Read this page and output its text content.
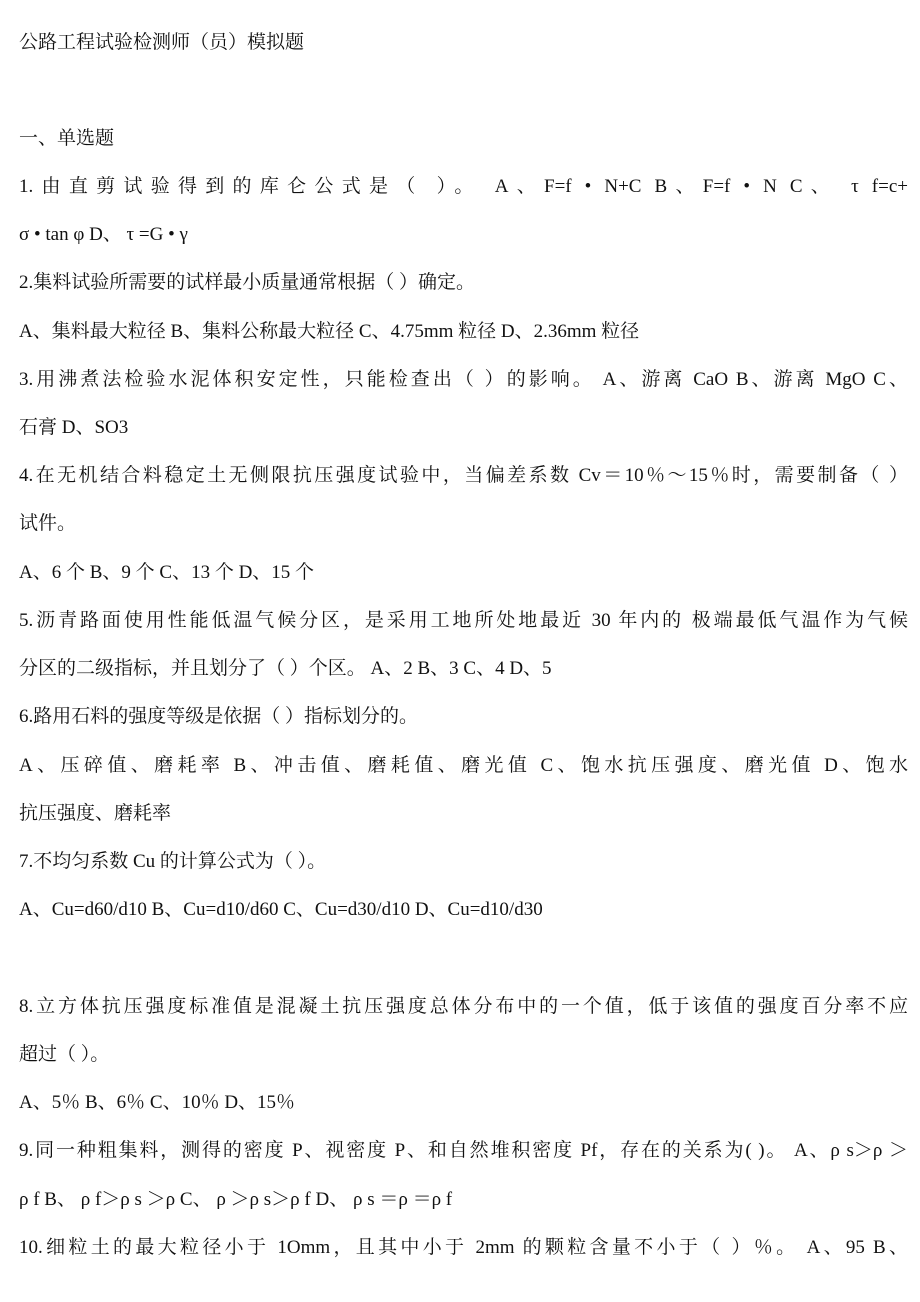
公路工程试验检测师（员）模拟题
一、单选题
1.由直剪试验得到的库仑公式是（ ）。 A、F=f • N+C B、F=f • N C、 τ f=c+
σ • tan φ D、 τ =G • γ
2.集料试验所需要的试样最小质量通常根据（ ）确定。
A、集料最大粒径 B、集料公称最大粒径 C、4.75mm 粒径 D、2.36mm 粒径
3.用沸煮法检验水泥体积安定性，只能检查出（ ）的影响。 A、游离 CaO B、游离 MgO C、
石膏 D、SO3
4.在无机结合料稳定土无侧限抗压强度试验中，当偏差系数 Cv＝10％～15％时，需要制备（ ）
试件。
A、6 个 B、9 个 C、13 个 D、15 个
5.沥青路面使用性能低温气候分区，是采用工地所处地最近 30 年内的 极端最低气温作为气候
分区的二级指标，并且划分了（ ）个区。 A、2 B、3 C、4 D、5
6.路用石料的强度等级是依据（ ）指标划分的。
A、压碎值、磨耗率 B、冲击值、磨耗值、磨光值 C、饱水抗压强度、磨光值 D、饱水
抗压强度、磨耗率
7.不均匀系数 Cu 的计算公式为（ ）。
A、Cu=d60/d10 B、Cu=d10/d60 C、Cu=d30/d10 D、Cu=d10/d30
8.立方体抗压强度标准值是混凝土抗压强度总体分布中的一个值，低于该值的强度百分率不应
超过（ ）。
A、5％ B、6％ C、10％ D、15％
9.同一种粗集料，测得的密度 P、视密度 P、和自然堆积密度 Pf，存在的关系为( )。 A、ρ s＞ρ ＞
ρ f B、 ρ f＞ρ s ＞ρ C、 ρ ＞ρ s＞ρ f D、 ρ s ＝ρ ＝ρ f
10.细粒土的最大粒径小于 1Omm，且其中小于 2mm 的颗粒含量不小于（ ）％。 A、95 B、
